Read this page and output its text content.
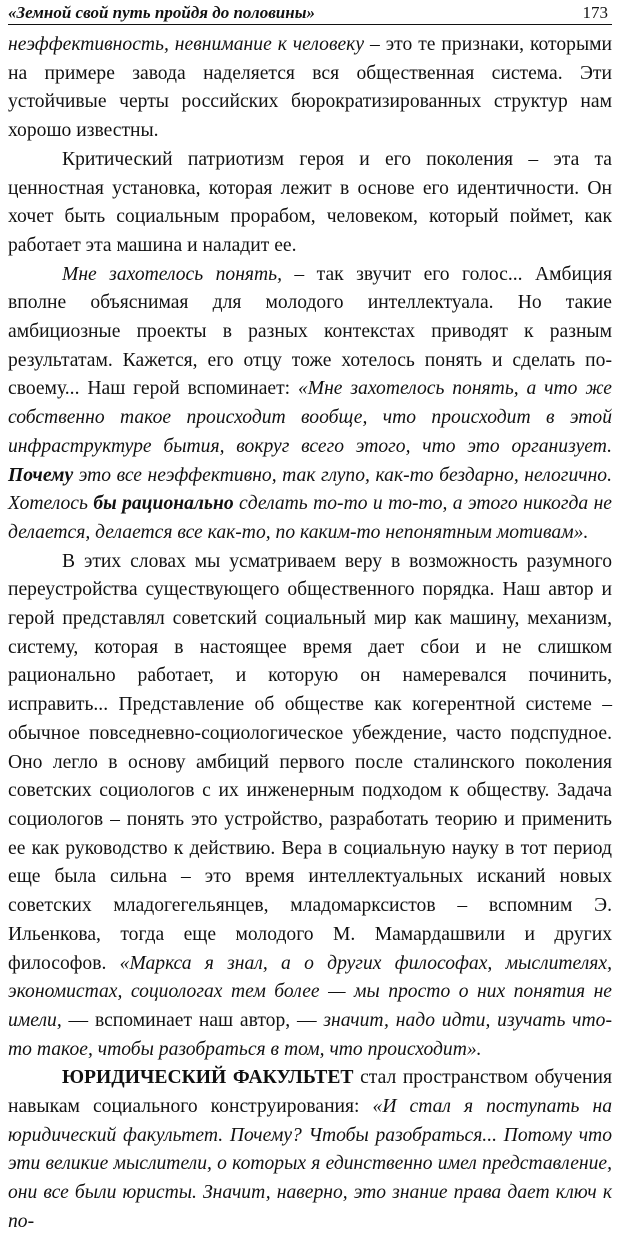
«Земной свой путь пройдя до половины»	173

неэффективность, невнимание к человеку – это те признаки, которыми на примере завода наделяется вся общественная система. Эти устойчивые черты российских бюрократизированных структур нам хорошо известны.

Критический патриотизм героя и его поколения – эта та ценностная установка, которая лежит в основе его идентичности. Он хочет быть социальным прорабом, человеком, который поймет, как работает эта машина и наладит ее.

Мне захотелось понять, – так звучит его голос... Амбиция вполне объяснимая для молодого интеллектуала. Но такие амбициозные проекты в разных контекстах приводят к разным результатам. Кажется, его отцу тоже хотелось понять и сделать по-своему... Наш герой вспоминает: «Мне захотелось понять, а что же собственно такое происходит вообще, что происходит в этой инфраструктуре бытия, вокруг всего этого, что это организует. Почему это все неэффективно, так глупо, как-то бездарно, нелогично. Хотелось бы рационально сделать то-то и то-то, а этого никогда не делается, делается все как-то, по каким-то непонятным мотивам».

В этих словах мы усматриваем веру в возможность разумного переустройства существующего общественного порядка. Наш автор и герой представлял советский социальный мир как машину, механизм, систему, которая в настоящее время дает сбои и не слишком рационально работает, и которую он намеревался починить, исправить... Представление об обществе как когерентной системе – обычное повседневно-социологическое убеждение, часто подспудное. Оно легло в основу амбиций первого после сталинского поколения советских социологов с их инженерным подходом к обществу. Задача социологов – понять это устройство, разработать теорию и применить ее как руководство к действию. Вера в социальную науку в тот период еще была сильна – это время интеллектуальных исканий новых советских младогегельянцев, младомарксистов – вспомним Э. Ильенкова, тогда еще молодого М. Мамардашвили и других философов. «Маркса я знал, а о других философах, мыслителях, экономистах, социологах тем более — мы просто о них понятия не имели, — вспоминает наш автор, — значит, надо идти, изучать что-то такое, чтобы разобраться в том, что происходит».

ЮРИДИЧЕСКИЙ ФАКУЛЬТЕТ стал пространством обучения навыкам социального конструирования: «И стал я поступать на юридический факультет. Почему? Чтобы разобраться... Потому что эти великие мыслители, о которых я единственно имел представление, они все были юристы. Значит, наверно, это знание права дает ключ к по-
